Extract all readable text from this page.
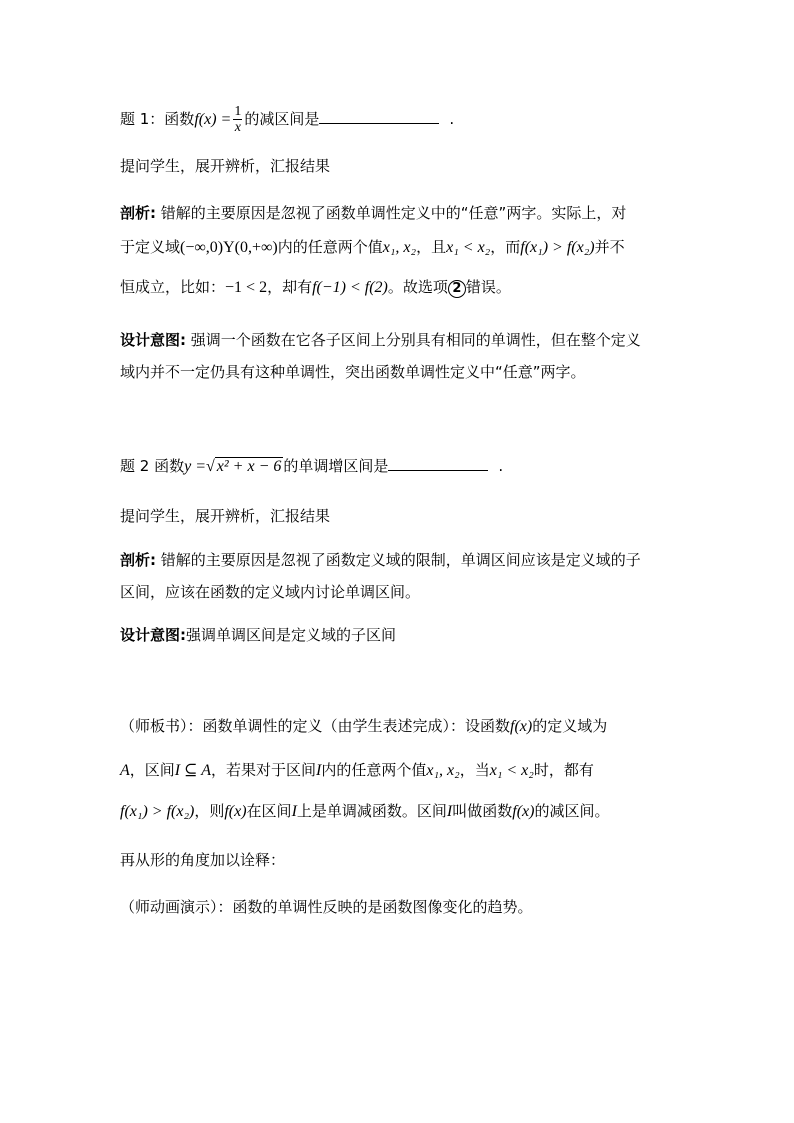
题 1：函数$f(x) = \frac{1}{x}$ 的减区间是	.
提问学生，展开辨析，汇报结果
剖析: 错解的主要原因是忽视了函数单调性定义中的“任意”两字。实际上，对
于定义域(−∞,0)Y(0,+∞)内的任意两个值x₁, x₂，且x₁ < x₂，而f(x₁) > f(x₂)并不
恒成立，比如：−1 < 2，却有f(−1) < f(2)。故选项 2 错误。
设计意图: 强调一个函数在它各子区间上分别具有相同的单调性，但在整个定义
域内并不一定仍具有这种单调性，突出函数单调性定义中“任意”两字。
题 2 函数y =√ x² + x − 6 的单调增区间是	.
提问学生，展开辨析，汇报结果
剖析: 错解的主要原因是忽视了函数定义域的限制，单调区间应该是定义域的子
区间，应该在函数的定义域内讨论单调区间。
设计意图:强调单调区间是定义域的子区间
（师板书）：函数单调性的定义（由学生表述完成）：设函数f(x)的定义域为
A，区间I ⊆ A，若果对于区间I内的任意两个值x₁, x₂，当x₁ < x₂时，都有
f(x₁) > f(x₂)，则f(x)在区间I上是单调减函数。区间I叫做函数f(x)的减区间。
再从形的角度加以诠释：
（师动画演示）：函数的单调性反映的是函数图像变化的趋势。
